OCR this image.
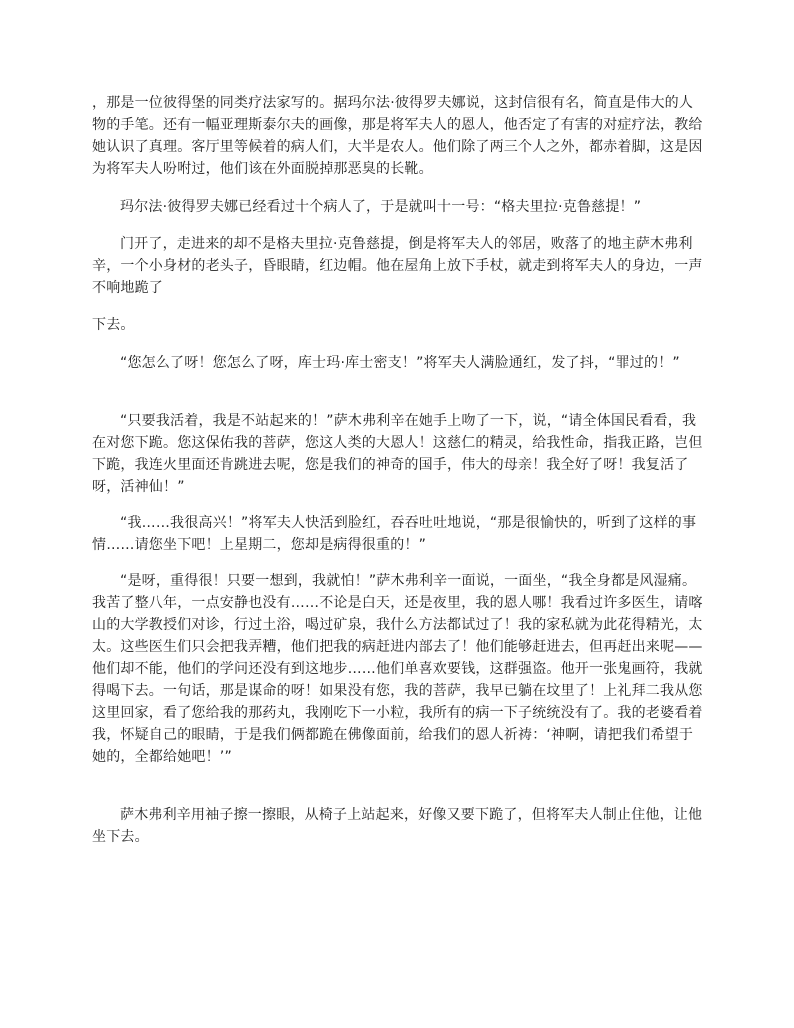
，那是一位彼得堡的同类疗法家写的。据玛尔法·彼得罗夫娜说，这封信很有名，简直是伟大的人物的手笔。还有一幅亚理斯泰尔夫的画像，那是将军夫人的恩人，他否定了有害的对症疗法，教给她认识了真理。客厅里等候着的病人们，大半是农人。他们除了两三个人之外，都赤着脚，这是因为将军夫人吩咐过，他们该在外面脱掉那恶臭的长靴。

玛尔法·彼得罗夫娜已经看过十个病人了，于是就叫十一号：“格夫里拉·克鲁慈提！”

门开了，走进来的却不是格夫里拉·克鲁慈提，倒是将军夫人的邻居，败落了的地主萨木弗利辛，一个小身材的老头子，昏眼睛，红边帽。他在屋角上放下手杖，就走到将军夫人的身边，一声不响地跪了

下去。

“您怎么了呀！您怎么了呀，库士玛·库士密支！”将军夫人满脸通红，发了抖，“罪过的！”

“只要我活着，我是不站起来的！”萨木弗利辛在她手上吻了一下，说，“请全体国民看看，我在对您下跪。您这保佑我的菩萨，您这人类的大恩人！这慈仁的精灵，给我性命，指我正路，岂但下跪，我连火里面还肯跳进去呢，您是我们的神奇的国手，伟大的母亲！我全好了呀！我复活了呀，活神仙！”

“我……我很高兴！”将军夫人快活到脸红，吞吞吐吐地说，“那是很愉快的，听到了这样的事情……请您坐下吧！上星期二，您却是病得很重的！”

“是呀，重得很！只要一想到，我就怕！”萨木弗利辛一面说，一面坐，“我全身都是风湿痛。我苦了整八年，一点安静也没有……不论是白天，还是夜里，我的恩人哪！我看过许多医生，请喀山的大学教授们对诊，行过土浴，喝过矿泉，我什么方法都试过了！我的家私就为此花得精光，太太。这些医生们只会把我弄糟，他们把我的病赶进内部去了！他们能够赶进去，但再赶出来呢——
他们却不能，他们的学问还没有到这地步……他们单喜欢要钱，这群强盗。他开一张鬼画符，我就得喝下去。一句话，那是谋命的呀！如果没有您，我的菩萨，我早已躺在坟里了！上礼拜二我从您这里回家，看了您给我的那药丸，我刚吃下一小粒，我所有的病一下子统统没有了。我的老婆看着我，怀疑自己的眼睛，于是我们俩都跪在佛像面前，给我们的恩人祈祷：‘神啊，请把我们希望于她的，全都给她吧！’”

萨木弗利辛用袖子擦一擦眼，从椅子上站起来，好像又要下跪了，但将军夫人制止住他，让他坐下去。
